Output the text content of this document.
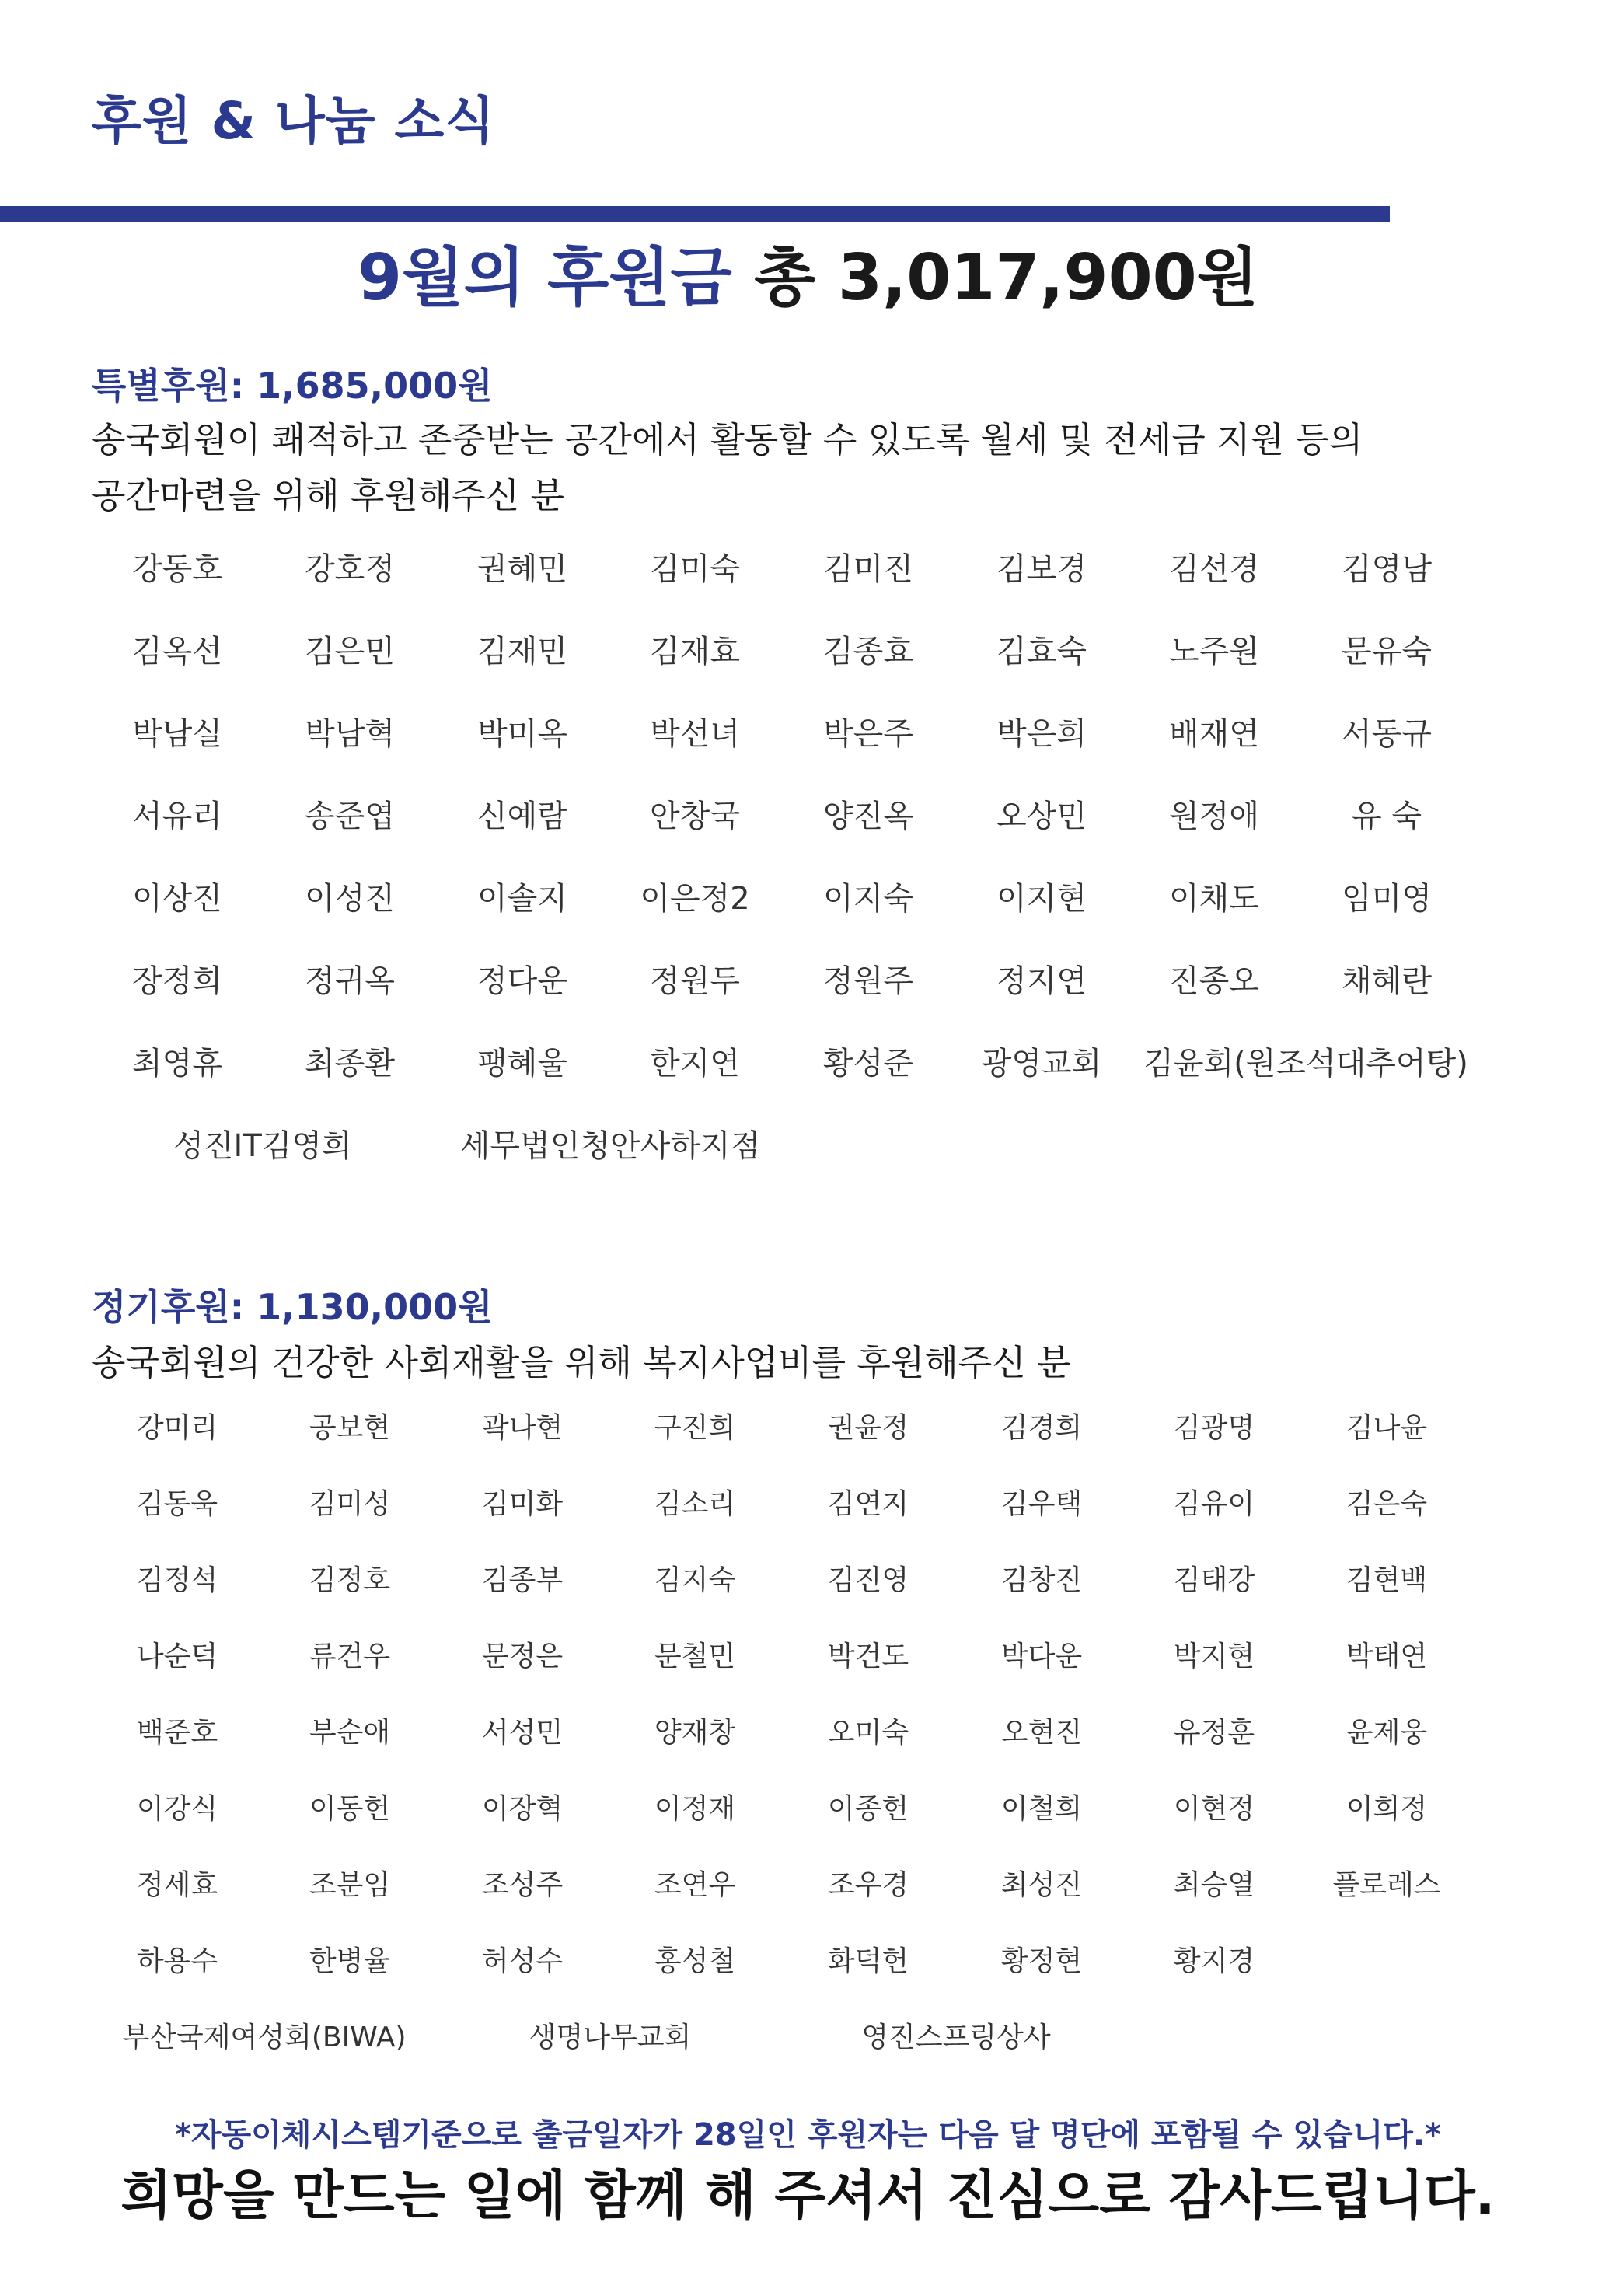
후원 & 나눔 소식
9월의 후원금 총 3,017,900원
특별후원: 1,685,000원
송국회원이 쾌적하고 존중받는 공간에서 활동할 수 있도록 월세 및 전세금 지원 등의
공간마련을 위해 후원해주신 분
강동호	강호정	권혜민	김미숙	김미진	김보경	김선경	김영남
김옥선	김은민	김재민	김재효	김종효	김효숙	노주원	문유숙
박남실	박남혁	박미옥	박선녀	박은주	박은희	배재연	서동규
서유리	송준엽	신예람	안창국	양진옥	오상민	원정애	유 숙
이상진	이성진	이솔지 이은정2 이지숙	이지현	이채도	임미영
장정희	정귀옥	정다운	정원두	정원주	정지연	진종오	채혜란
최영휴	최종환	팽혜울	한지연	황성준 광영교회 김윤회(원조석대추어탕)
성진IT김영희	세무법인청안사하지점
정기후원: 1,130,000원
송국회원의 건강한 사회재활을 위해 복지사업비를 후원해주신 분
강미리	공보현	곽나현	구진희	권윤정	김경희	김광명	김나윤
김동욱	김미성	김미화	김소리	김연지	김우택	김유이	김은숙
김정석	김정호	김종부	김지숙	김진영	김창진	김태강	김현백
나순덕	류건우	문정은	문철민	박건도	박다운	박지현	박태연
백준호	부순애	서성민	양재창	오미숙	오현진	유정훈	윤제웅
이강식	이동헌	이장혁	이정재	이종헌	이철희	이현정	이희정
정세효	조분임	조성주	조연우	조우경	최성진	최승열	플로레스
하용수	한병율	허성수	홍성철	화덕헌	황정현	황지경
부산국제여성회(BIWA)	생명나무교회	영진스프링상사
*자동이체시스템기준으로 출금일자가 28일인 후원자는 다음 달 명단에 포함될 수 있습니다.*
희망을 만드는 일에 함께 해 주셔서 진심으로 감사드립니다.
